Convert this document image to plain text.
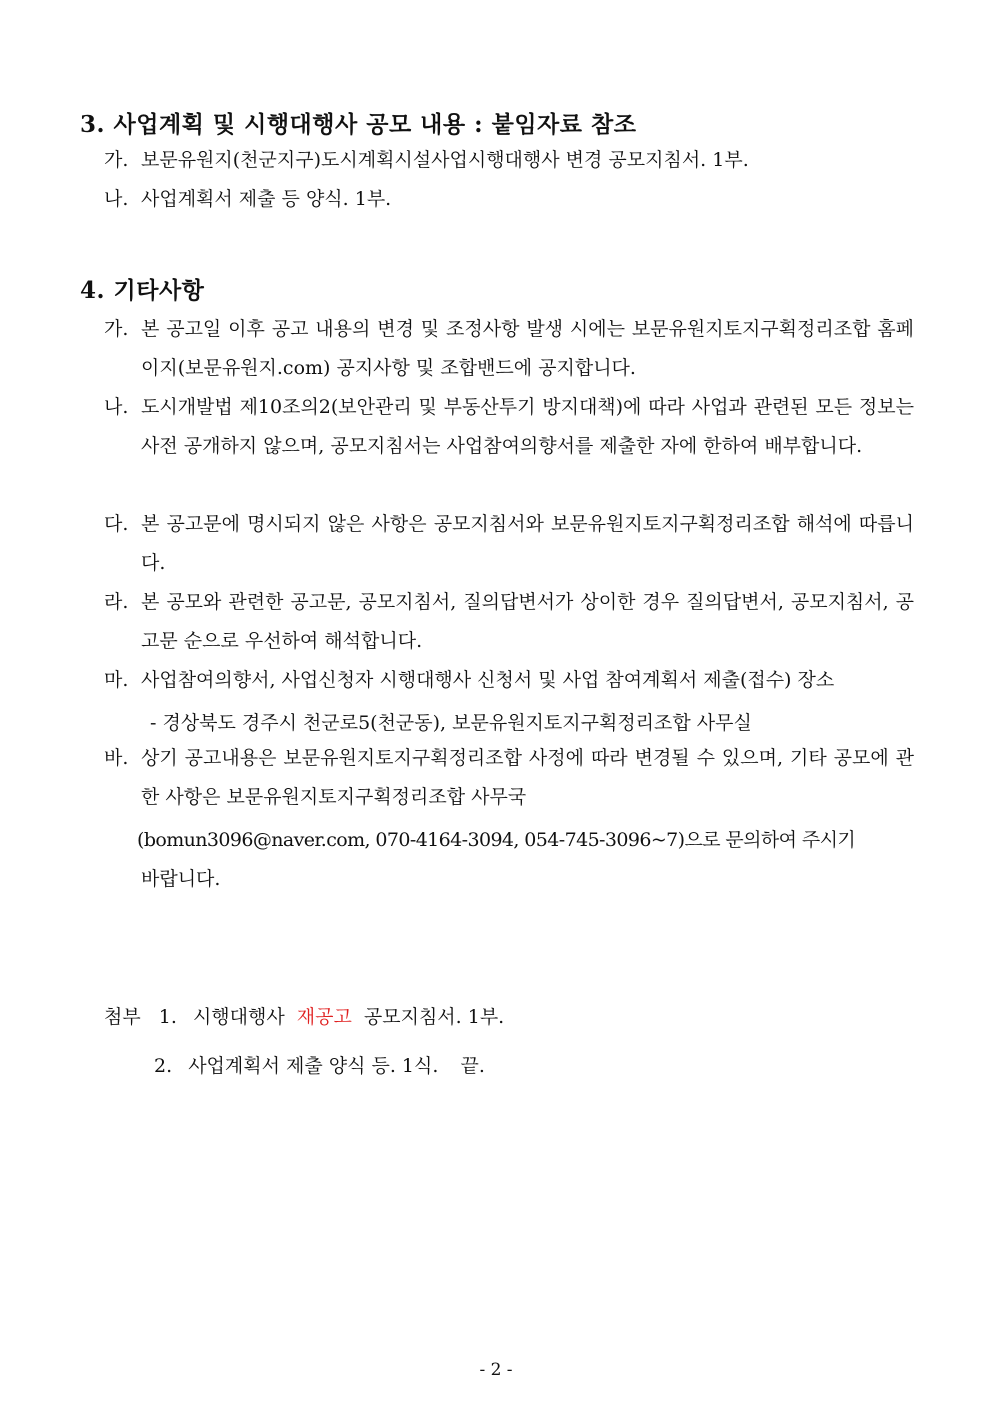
3. 사업계획 및 시행대행사 공모 내용 : 붙임자료 참조
가. 보문유원지(천군지구)도시계획시설사업시행대행사 변경 공모지침서. 1부.
나. 사업계획서 제출 등 양식. 1부.
4. 기타사항
가. 본 공고일 이후 공고 내용의 변경 및 조정사항 발생 시에는 보문유원지토지구획정리조합 홈페이지(보문유원지.com) 공지사항 및 조합밴드에 공지합니다.
나. 도시개발법 제10조의2(보안관리 및 부동산투기 방지대책)에 따라 사업과 관련된 모든 정보는 사전 공개하지 않으며, 공모지침서는 사업참여의향서를 제출한 자에 한하여 배부합니다.
다. 본 공고문에 명시되지 않은 사항은 공모지침서와 보문유원지토지구획정리조합 해석에 따릅니다.
라. 본 공모와 관련한 공고문, 공모지침서, 질의답변서가 상이한 경우 질의답변서, 공모지침서, 공고문 순으로 우선하여 해석합니다.
마. 사업참여의향서, 사업신청자 시행대행사 신청서 및 사업 참여계획서 제출(접수) 장소
- 경상북도 경주시 천군로5(천군동), 보문유원지토지구획정리조합 사무실
바. 상기 공고내용은 보문유원지토지구획정리조합 사정에 따라 변경될 수 있으며, 기타 공모에 관한 사항은 보문유원지토지구획정리조합 사무국
(bomun3096@naver.com, 070-4164-3094, 054-745-3096~7)으로 문의하여 주시기
바랍니다.
첨부 1. 시행대행사 재공고 공모지침서. 1부.
2. 사업계획서 제출 양식 등. 1식. 끝.
- 2 -
